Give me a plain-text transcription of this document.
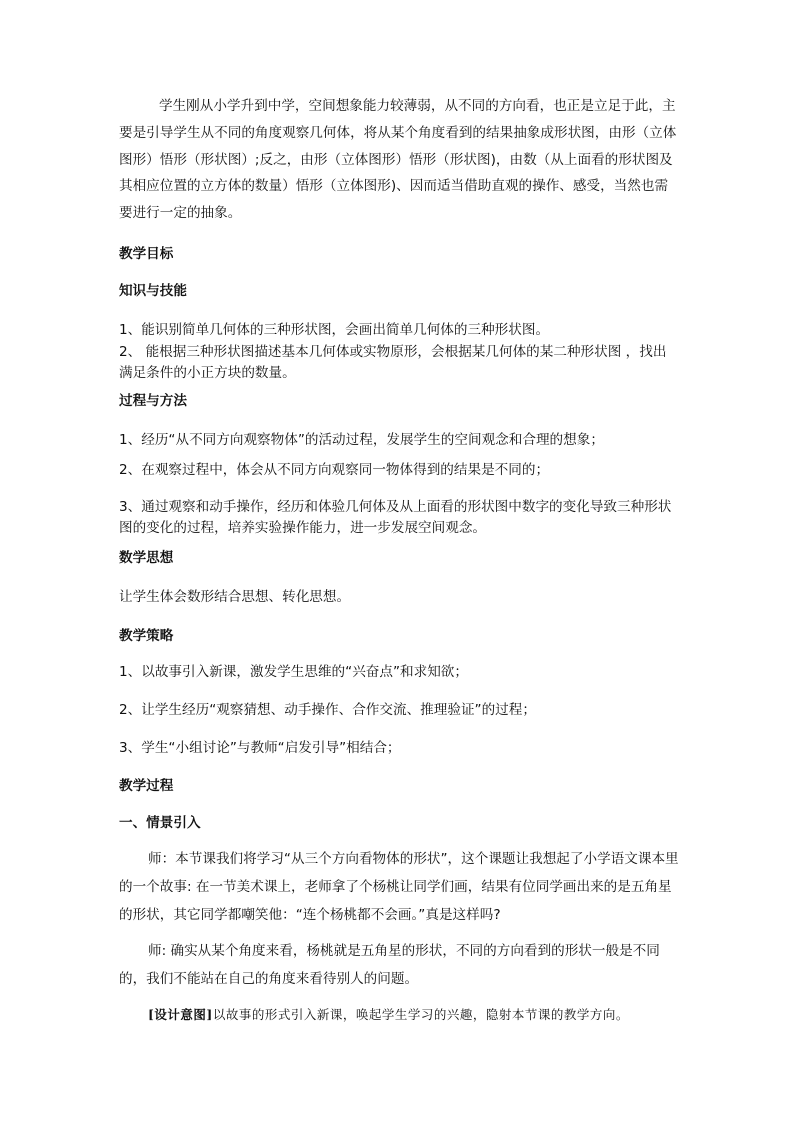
学生刚从小学升到中学，空间想象能力较薄弱，从不同的方向看，也正是立足于此，主要是引导学生从不同的角度观察几何体，将从某个角度看到的结果抽象成形状图，由形（立体图形）悟形（形状图）;反之，由形（立体图形）悟形（形状图)，由数（从上面看的形状图及其相应位置的立方体的数量）悟形（立体图形)、因而适当借助直观的操作、感受，当然也需要进行一定的抽象。

教学目标
知识与技能
1、能识别简单几何体的三种形状图，会画出简单几何体的三种形状图。
2、 能根据三种形状图描述基本几何体或实物原形，会根据某几何体的某二种形状图 ，找出满足条件的小正方块的数量。
过程与方法
1、经历“从不同方向观察物体”的活动过程，发展学生的空间观念和合理的想象；
2、在观察过程中，体会从不同方向观察同一物体得到的结果是不同的；
3、通过观察和动手操作，经历和体验几何体及从上面看的形状图中数字的变化导致三种形状图的变化的过程，培养实验操作能力，进一步发展空间观念。
数学思想
让学生体会数形结合思想、转化思想。
教学策略
1、以故事引入新课，激发学生思维的“兴奋点”和求知欲；
2、让学生经历“观察猜想、动手操作、合作交流、推理验证”的过程；
3、学生“小组讨论”与教师“启发引导”相结合；
教学过程
一、情景引入

师：本节课我们将学习“从三个方向看物体的形状”，这个课题让我想起了小学语文课本里的一个故事: 在一节美术课上，老师拿了个杨桃让同学们画，结果有位同学画出来的是五角星的形状，其它同学都嘲笑他：“连个杨桃都不会画。”真是这样吗?

师: 确实从某个角度来看，杨桃就是五角星的形状，不同的方向看到的形状一般是不同的，我们不能站在自己的角度来看待别人的问题。

[设计意图]以故事的形式引入新课，唤起学生学习的兴趣，隐射本节课的教学方向。
